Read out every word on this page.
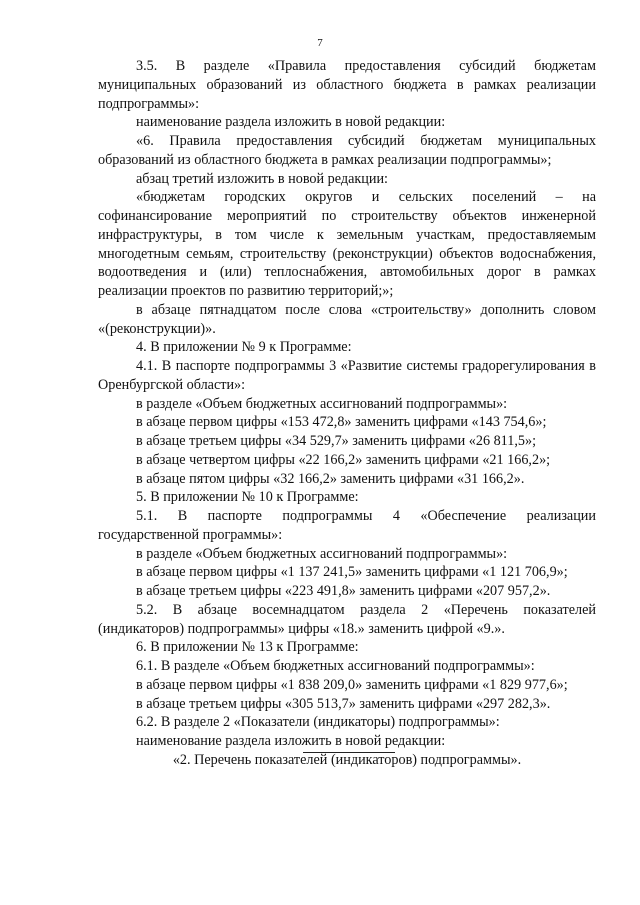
7

3.5. В разделе «Правила предоставления субсидий бюджетам муниципальных образований из областного бюджета в рамках реализации подпрограммы»:

наименование раздела изложить в новой редакции:

«6. Правила предоставления субсидий бюджетам муниципальных образований из областного бюджета в рамках реализации подпрограммы»;

абзац третий изложить в новой редакции:

«бюджетам городских округов и сельских поселений – на софинансирование мероприятий по строительству объектов инженерной инфраструктуры, в том числе к земельным участкам, предоставляемым многодетным семьям, строительству (реконструкции) объектов водоснабжения, водоотведения и (или) теплоснабжения, автомобильных дорог в рамках реализации проектов по развитию территорий;»;

в абзаце пятнадцатом после слова «строительству» дополнить словом «(реконструкции)».

4. В приложении № 9 к Программе:

4.1. В паспорте подпрограммы 3 «Развитие системы градорегулирования в Оренбургской области»:

в разделе «Объем бюджетных ассигнований подпрограммы»:

в абзаце первом цифры «153 472,8» заменить цифрами «143 754,6»;

в абзаце третьем цифры «34 529,7» заменить цифрами «26 811,5»;

в абзаце четвертом цифры «22 166,2» заменить цифрами «21 166,2»;

в абзаце пятом цифры «32 166,2» заменить цифрами «31 166,2».

5. В приложении № 10 к Программе:

5.1. В паспорте подпрограммы 4 «Обеспечение реализации государственной программы»:

в разделе «Объем бюджетных ассигнований подпрограммы»:

в абзаце первом цифры «1 137 241,5» заменить цифрами «1 121 706,9»;

в абзаце третьем цифры «223 491,8» заменить цифрами «207 957,2».

5.2. В абзаце восемнадцатом раздела 2 «Перечень показателей (индикаторов) подпрограммы» цифры «18.» заменить цифрой «9.».

6. В приложении № 13 к Программе:

6.1. В разделе «Объем бюджетных ассигнований подпрограммы»:

в абзаце первом цифры «1 838 209,0» заменить цифрами «1 829 977,6»;

в абзаце третьем цифры «305 513,7» заменить цифрами «297 282,3».

6.2. В разделе 2 «Показатели (индикаторы) подпрограммы»:

наименование раздела изложить в новой редакции:

«2. Перечень показателей (индикаторов) подпрограммы».
